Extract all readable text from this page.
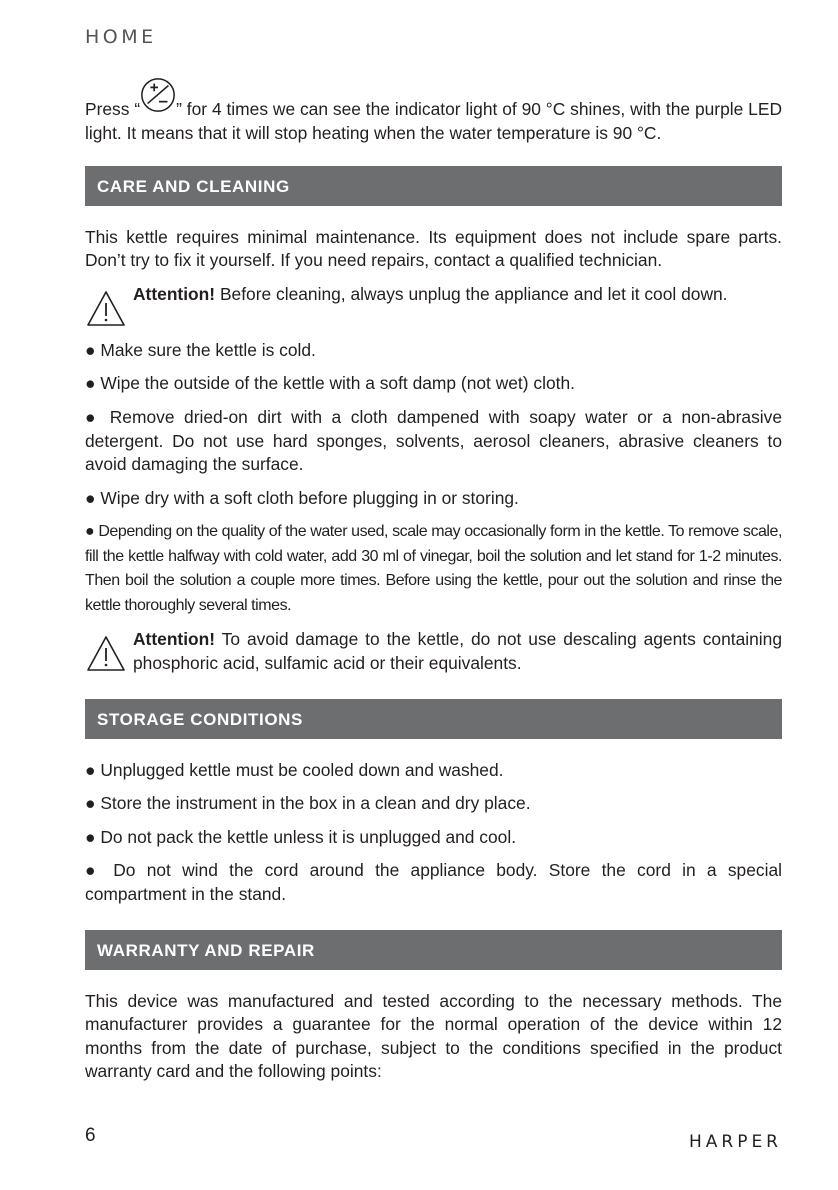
HOME

Press “ ” for 4 times we can see the indicator light of 90 °C shines, with the purple LED light. It means that it will stop heating when the water temperature is 90 °C.

CARE AND CLEANING

This kettle requires minimal maintenance. Its equipment does not include spare parts. Don’t try to fix it yourself. If you need repairs, contact a qualified technician.

Attention! Before cleaning, always unplug the appliance and let it cool down.

● Make sure the kettle is cold.

● Wipe the outside of the kettle with a soft damp (not wet) cloth.

● Remove dried-on dirt with a cloth dampened with soapy water or a non-abrasive detergent. Do not use hard sponges, solvents, aerosol cleaners, abrasive cleaners to avoid damaging the surface.

● Wipe dry with a soft cloth before plugging in or storing.

● Depending on the quality of the water used, scale may occasionally form in the kettle. To remove scale, fill the kettle halfway with cold water, add 30 ml of vinegar, boil the solution and let stand for 1-2 minutes. Then boil the solution a couple more times. Before using the kettle, pour out the solution and rinse the kettle thoroughly several times.

Attention! To avoid damage to the kettle, do not use descaling agents containing phosphoric acid, sulfamic acid or their equivalents.

STORAGE CONDITIONS

● Unplugged kettle must be cooled down and washed.

● Store the instrument in the box in a clean and dry place.

● Do not pack the kettle unless it is unplugged and cool.

● Do not wind the cord around the appliance body. Store the cord in a special compartment in the stand.

WARRANTY AND REPAIR

This device was manufactured and tested according to the necessary methods. The manufacturer provides a guarantee for the normal operation of the device within 12 months from the date of purchase, subject to the conditions specified in the product warranty card and the following points:

6	HARPER
